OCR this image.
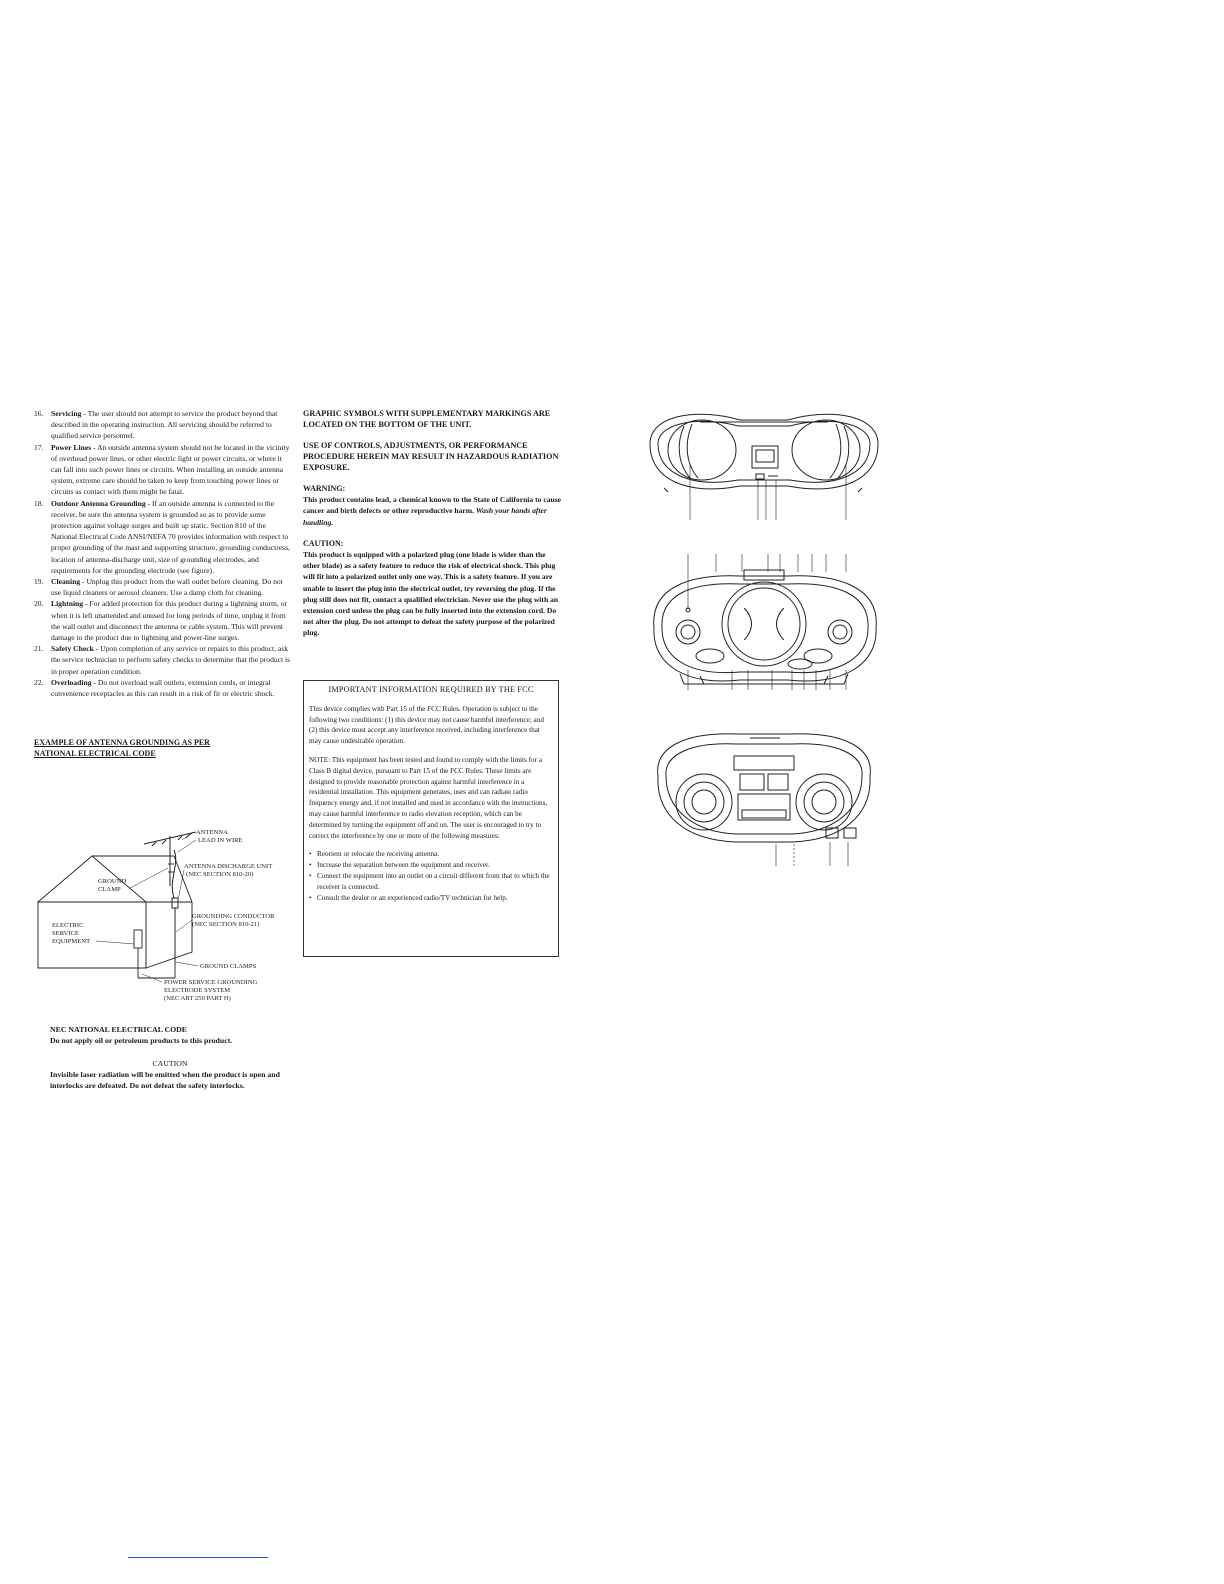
16. Servicing - The user should not attempt to service the product beyond that described in the operating instruction. All servicing should be referred to qualified service personnel.

17. Power Lines - An outside antenna system should not be located in the vicinity of overhead power lines, or other electric light or power circuits, or where it can fall into such power lines or circuits. When installing an outside antenna system, extreme care should be taken to keep from touching power lines or circuits as contact with them might be fatal.

18. Outdoor Antenna Grounding - If an outside antenna is connected to the receiver, be sure the antenna system is grounded so as to provide some protection against voltage surges and built up static. Section 810 of the National Electrical Code ANSI/NEFA 70 provides information with respect to proper grounding of the mast and supporting structure, grounding conductress, location of antenna-discharge unit, size of grounding electrodes, and requirements for the grounding electrode (see figure).

19. Cleaning - Unplug this product from the wall outlet before cleaning. Do not use liquid cleaners or aerosol cleaners. Use a damp cloth for cleaning.

20. Lightning - For added protection for this product during a lightning storm, or when it is left unattended and unused for long periods of time, unplug it from the wall outlet and disconnect the antenna or cable system. This will prevent damage to the product due to lightning and power-line surges.

21. Safety Check - Upon completion of any service or repairs to this product, ask the service technician to perform safety checks to determine that the product is in proper operation condition.

22. Overloading - Do not overload wall outlets, extension cords, or integral convenience receptacles as this can result in a risk of fir or electric shock.

EXAMPLE OF ANTENNA GROUNDING AS PER
NATIONAL ELECTRICAL CODE
ANTENNA
LEAD IN WIRE
ANTENNA DISCHARGE UNIT
(NEC SECTION 810-20)
GROUND
CLAMP
ELECTRIC
SERVICE
EQUIPMENT
GROUNDING CONDUCTOR
(NEC SECTION 810-21)
GROUND CLAMPS
POWER SERVICE GROUNDING
ELECTRODE SYSTEM
(NEC ART 250 PART H)
NEC NATIONAL ELECTRICAL CODE
Do not apply oil or petroleum products to this product.
CAUTION
Invisible laser radiation will be emitted when the product is open and interlocks are defeated. Do not defeat the safety interlocks.

GRAPHIC SYMBOLS WITH SUPPLEMENTARY MARKINGS ARE LOCATED ON THE BOTTOM OF THE UNIT.

USE OF CONTROLS, ADJUSTMENTS, OR PERFORMANCE PROCEDURE HEREIN MAY RESULT IN HAZARDOUS RADIATION EXPOSURE.

WARNING:
This product contains lead, a chemical known to the State of California to cause cancer and birth defects or other reproductive harm. Wash your hands after handling.
CAUTION:
This product is equipped with a polarized plug (one blade is wider than the other blade) as a safety feature to reduce the risk of electrical shock. This plug will fit into a polarized outlet only one way. This is a safety feature. If you are unable to insert the plug into the electrical outlet, try reversing the plug. If the plug still does not fit, contact a qualified electrician. Never use the plug with an extension cord unless the plug can be fully inserted into the extension cord. Do not alter the plug. Do not attempt to defeat the safety purpose of the polarized plug.
IMPORTANT INFORMATION REQUIRED BY THE FCC

This device complies with Part 15 of the FCC Rules. Operation is subject to the following two conditions: (1) this device may not cause harmful interference; and (2) this device must accept any interference received, including interference that may cause undesirable operation.

NOTE: This equipment has been tested and found to comply with the limits for a Class B digital device, pursuant to Part 15 of the FCC Rules. These limits are designed to provide reasonable protection against harmful interference in a residential installation. This equipment generates, uses and can radiate radio frequency energy and, if not installed and used in accordance with the instructions, may cause harmful interference to radio elevation reception, which can be determined by turning the equipment off and on. The user is encouraged to try to correct the interference by one or more of the following measures:

• Reorient or relocate the receiving antenna.
• Increase the separation between the equipment and receiver.
• Connect the equipment into an outlet on a circuit different from that to which the receiver is connected.
• Consult the dealer or an experienced radio/TV technician for help.
